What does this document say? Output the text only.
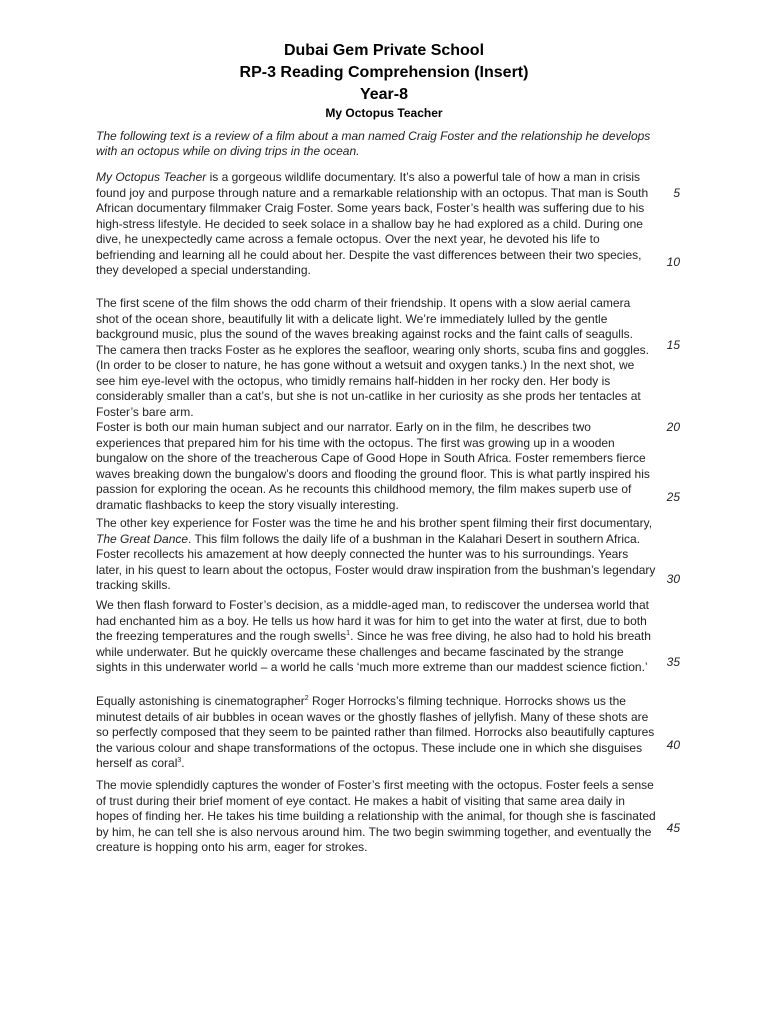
Dubai Gem Private School
RP-3 Reading Comprehension (Insert)
Year-8
My Octopus Teacher
The following text is a review of a film about a man named Craig Foster and the relationship he develops with an octopus while on diving trips in the ocean.

My Octopus Teacher is a gorgeous wildlife documentary. It’s also a powerful tale of how a man in crisis found joy and purpose through nature and a remarkable relationship with an octopus. That man is South African documentary filmmaker Craig Foster. Some years back, Foster’s health was suffering due to his high-stress lifestyle. He decided to seek solace in a shallow bay he had explored as a child. During one dive, he unexpectedly came across a female octopus. Over the next year, he devoted his life to befriending and learning all he could about her. Despite the vast differences between their two species, they developed a special understanding.

The first scene of the film shows the odd charm of their friendship. It opens with a slow aerial camera shot of the ocean shore, beautifully lit with a delicate light. We’re immediately lulled by the gentle background music, plus the sound of the waves breaking against rocks and the faint calls of seagulls. The camera then tracks Foster as he explores the seafloor, wearing only shorts, scuba fins and goggles. (In order to be closer to nature, he has gone without a wetsuit and oxygen tanks.) In the next shot, we see him eye-level with the octopus, who timidly remains half-hidden in her rocky den. Her body is considerably smaller than a cat’s, but she is not un-catlike in her curiosity as she prods her tentacles at Foster’s bare arm.

Foster is both our main human subject and our narrator. Early on in the film, he describes two experiences that prepared him for his time with the octopus. The first was growing up in a wooden bungalow on the shore of the treacherous Cape of Good Hope in South Africa. Foster remembers fierce waves breaking down the bungalow’s doors and flooding the ground floor. This is what partly inspired his passion for exploring the ocean. As he recounts this childhood memory, the film makes superb use of dramatic flashbacks to keep the story visually interesting.

The other key experience for Foster was the time he and his brother spent filming their first documentary, The Great Dance. This film follows the daily life of a bushman in the Kalahari Desert in southern Africa. Foster recollects his amazement at how deeply connected the hunter was to his surroundings. Years later, in his quest to learn about the octopus, Foster would draw inspiration from the bushman’s legendary tracking skills.

We then flash forward to Foster’s decision, as a middle-aged man, to rediscover the undersea world that had enchanted him as a boy. He tells us how hard it was for him to get into the water at first, due to both the freezing temperatures and the rough swells$^1$. Since he was free diving, he also had to hold his breath while underwater. But he quickly overcame these challenges and became fascinated by the strange sights in this underwater world – a world he calls ‘much more extreme than our maddest science fiction.’

Equally astonishing is cinematographer$^2$ Roger Horrocks’s filming technique. Horrocks shows us the minutest details of air bubbles in ocean waves or the ghostly flashes of jellyfish. Many of these shots are so perfectly composed that they seem to be painted rather than filmed. Horrocks also beautifully captures the various colour and shape transformations of the octopus. These include one in which she disguises herself as coral$^3$.

The movie splendidly captures the wonder of Foster’s first meeting with the octopus. Foster feels a sense of trust during their brief moment of eye contact. He makes a habit of visiting that same area daily in hopes of finding her. He takes his time building a relationship with the animal, for though she is fascinated by him, he can tell she is also nervous around him. The two begin swimming together, and eventually the creature is hopping onto his arm, eager for strokes.

5
10
15
20
25
30
35
40
45
